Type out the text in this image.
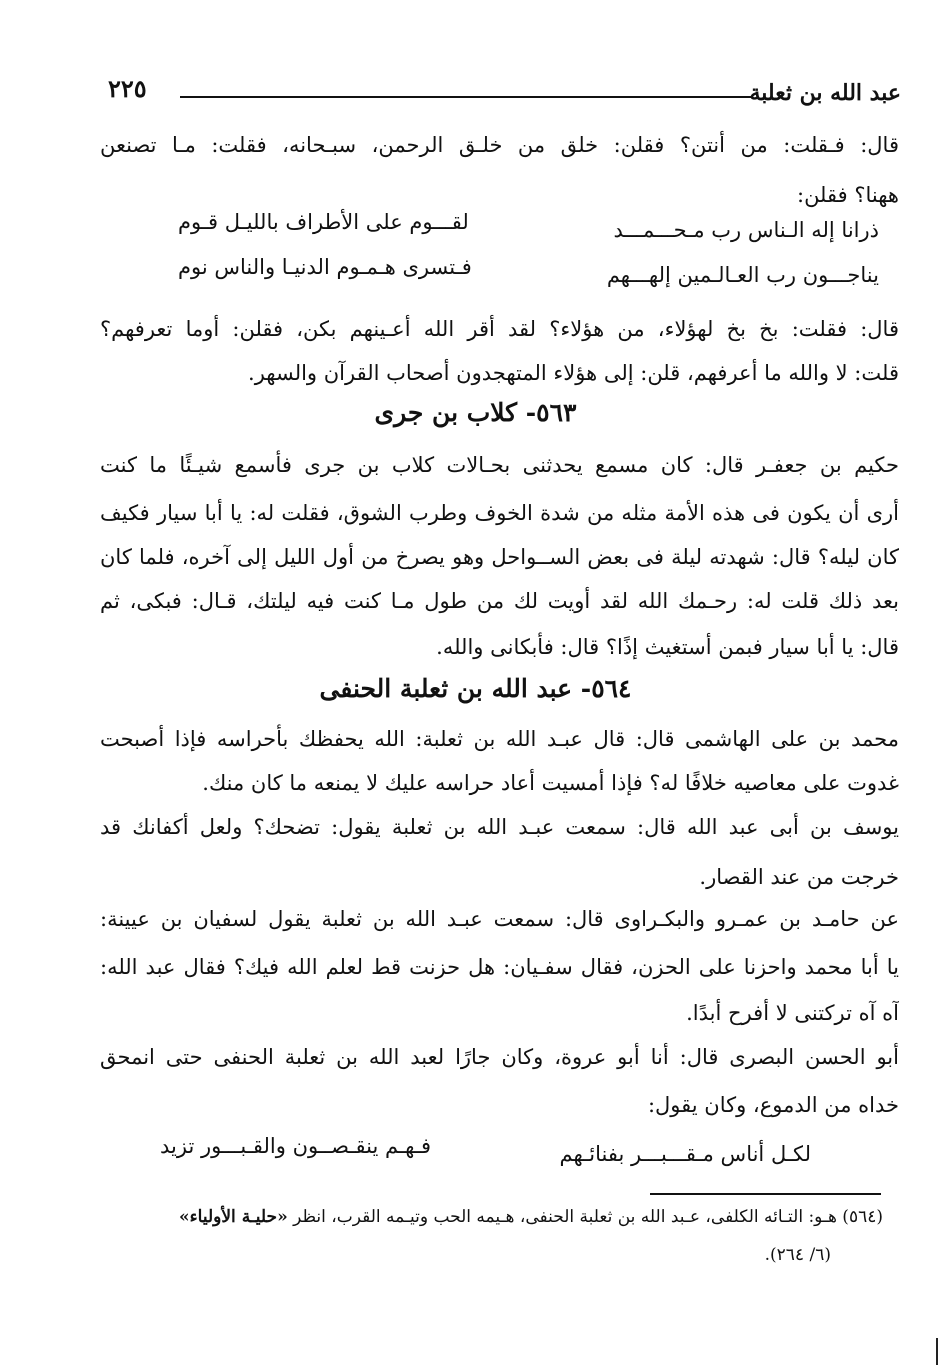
عبد الله بن ثعلبة
٢٢٥
قال: فـقلت: من أنتن؟ فقلن: خلق من خلـق الرحمن، سبـحانه، فقلت: مـا تصنعن
ههنا؟ فقلن:
ذرانا إله الـناس رب مـحـــمـــد
لقـــوم على الأطراف بالليـل قـوم
يناجـــون رب العـالـمين إلهـــهم
فـتسرى هـمـوم الدنيـا والناس نوم
قال: فقلت: بخ بخ لهؤلاء، من هؤلاء؟ لقد أقر الله أعـينهم بكن، فقلن: أوما تعرفهم؟
قلت: لا والله ما أعرفهم، قلن: إلى هؤلاء المتهجدون أصحاب القرآن والسهر.
٥٦٣- كلاب بن جرى
حكيم بن جعفـر قال: كان مسمع يحدثنى بحـالات كلاب بن جرى فأسمع شيـئًا ما كنت
أرى أن يكون فى هذه الأمة مثله من شدة الخوف وطرب الشوق، فقلت له: يا أبا سيار فكيف
كان ليله؟ قال: شهدته ليلة فى بعض الســواحل وهو يصرخ من أول الليل إلى آخره، فلما كان
بعد ذلك قلت له: رحـمك الله لقد أويت لك من طول مـا كنت فيه ليلتك، قـال: فبكى، ثم
قال: يا أبا سيار فبمن أستغيث إذًا؟ قال: فأبكانى والله.
٥٦٤- عبد الله بن ثعلبة الحنفى
محمد بن على الهاشمى قال: قال عبـد الله بن ثعلبة: الله يحفظك بأحراسه فإذا أصبحت
غدوت على معاصيه خلافًا له؟ فإذا أمسيت أعاد حراسه عليك لا يمنعه ما كان منك.
يوسف بن أبى عبد الله قال: سمعت عبـد الله بن ثعلبة يقول: تضحك؟ ولعل أكفانك قد
خرجت من عند القصار.
عن حامـد بن عمـرو والبكـراوى قال: سمعت عبـد الله بن ثعلبة يقول لسفيان بن عيينة:
يا أبا محمد واحزنا على الحزن، فقال سفـيان: هل حزنت قط لعلم الله فيك؟ فقال عبد الله:
آه آه تركتنى لا أفرح أبدًا.
أبو الحسن البصرى قال: أنا أبو عروة، وكان جارًا لعبد الله بن ثعلبة الحنفى حتى انمحق
خداه من الدموع، وكان يقول:
لكـل أناس مـقـــبـــر بفنائـهم
فـهـم ينقـصــون والقـبـــور تزيد
(٥٦٤) هـو: التـائه الكلفى، عـبد الله بن ثعلبة الحنفى، هـيمه الحب وتيـمه القرب، انظر «حليـة الأولياء»
(٦/ ٢٦٤).
